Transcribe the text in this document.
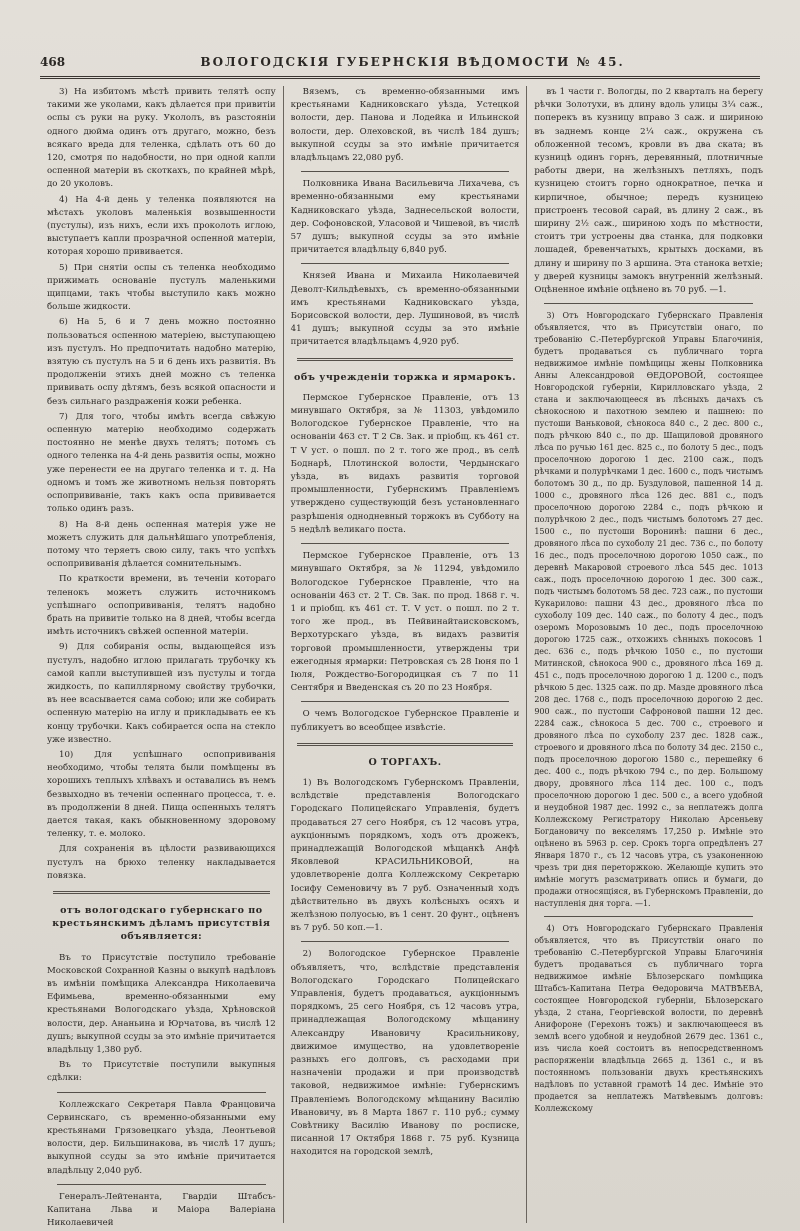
468	ВОЛОГОДСКІЯ ГУБЕРНСКІЯ ВѢДОМОСТИ № 45.

3) На избитомъ мѣстѣ привить телятѣ оспу такими же уколами, какъ дѣлается при привитіи оспы съ руки на руку. Укололъ, въ разстояніи одного дюйма одинъ отъ другаго, можно, безъ всякаго вреда для теленка, сдѣлать отъ 60 до 120, смотря по надобности, но при одной капли оспенной матеріи въ скоткахъ, по крайней мѣрѣ, до 20 уколовъ.

4) На 4-й день у теленка появляются на мѣстахъ уколовъ маленькія возвышенности (пустулы), изъ нихъ, если ихъ проколоть иглою, выступаетъ капли прозрачной оспенной матеріи, которая хорошо прививается.

5) При снятіи оспы съ теленка необходимо прижимать основаніе пустулъ маленькими щипцами, такъ чтобы выступило какъ можно больше жидкости.

6) На 5, 6 и 7 день можно постоянно пользоваться оспенною матеріею, выступающею изъ пустулъ. Но предпочитать надобно матерію, взятую съ пустулъ на 5 и 6 день ихъ развитія. Въ продолженіи этихъ дней можно съ теленка прививать оспу дѣтямъ, безъ всякой опасности и безъ сильнаго раздраженія кожи ребенка.

7) Для того, чтобы имѣть всегда свѣжую оспенную матерію необходимо содержать постоянно не менѣе двухъ телятъ; потомъ съ одного теленка на 4-й день развитія оспы, можно уже перенести ее на другаго теленка и т. д. На одномъ и томъ же животномъ нельзя повторять оспопрививаніе, такъ какъ оспа прививается только одинъ разъ.

8) На 8-й день оспенная матерія уже не можетъ служить для дальнѣйшаго употребленія, потому что теряетъ свою силу, такъ что успѣхъ оспопрививанія дѣлается сомнительнымъ.

По краткости времени, въ теченіи котораго теленокъ можетъ служить источникомъ успѣшнаго оспопрививанія, телятъ надобно брать на привитіе только на 8 дней, чтобы всегда имѣть источникъ свѣжей оспенной матеріи.

9) Для собиранія оспы, выдающейся изъ пустулъ, надобно иглою прилагать трубочку къ самой капли выступившей изъ пустулы и тогда жидкость, по капиллярному свойству трубочки, въ нее всасывается сама собою; или же собирать оспенную матерію на иглу и прикладывать ее къ концу трубочки. Какъ собирается оспа на стекло уже известно.

10) Для успѣшнаго оспопрививанія необходимо, чтобы телята были помѣщены въ хорошихъ теплыхъ хлѣвахъ и оставались въ немъ безвыходно въ теченіи оспеннаго процесса, т. е. въ продолженіи 8 дней. Пища оспенныхъ телятъ дается такая, какъ обыкновенному здоровому теленку, т. е. молоко.

Для сохраненія въ цѣлости развивающихся пустулъ на брюхо теленку накладывается повязка.

отъ вологодскаго губернскаго по крестьянскимъ дѣламъ присутствія объявляется:

Въ то Присутствіе поступило требованіе Московской Сохранной Казны о выкупѣ надѣловъ въ имѣніи помѣщика Александра Николаевича Ефимьева, временно-обязанными ему крестьянами Вологодскаго уѣзда, Хрѣновской волости, дер. Ананьина и Юрчатова, въ числѣ 12 душъ; выкупной ссуды за это имѣніе причитается владѣльцу 1,380 руб.

Въ то Присутствіе поступили выкупныя сдѣлки:

Коллежскаго Секретаря Павла Францовича Сервинскаго, съ временно-обязанными ему крестьянами Грязовецкаго уѣзда, Леонтьевой волости, дер. Бильшинакова, въ числѣ 17 душъ; выкупной ссуды за это имѣніе причитается владѣльцу 2,040 руб.

Генералъ-Лейтенанта, Гвардіи Штабсъ-Капитана Льва и Маіора Валеріана Николаевичей

Вяземъ, съ временно-обязанными имъ крестьянами Кадниковскаго уѣзда, Устецкой волости, дер. Панова и Лодейка и Ильинской волости, дер. Олеховской, въ числѣ 184 душъ; выкупной ссуды за это имѣніе причитается владѣльцамъ 22,080 руб.

Полковника Ивана Васильевича Лихачева, съ временно-обязанными ему крестьянами Кадниковскаго уѣзда, Заднесельской волости, дер. Софоновской, Уласовой и Чишевой, въ числѣ 57 душъ; выкупной ссуды за это имѣніе причитается владѣльцу 6,840 руб.

Князей Ивана и Михаила Николаевичей Деволт-Кильдѣевыхъ, съ временно-обязанными имъ крестьянами Кадниковскаго уѣзда, Борисовской волости, дер. Лушиновой, въ числѣ 41 душъ; выкупной ссуды за это имѣніе причитается владѣльцамъ 4,920 руб.

объ учрежденіи торжка и ярмарокъ.

Пермское Губернское Правленіе, отъ 13 минувшаго Октября, за № 11303, увѣдомило Вологодское Губернское Правленіе, что на основаніи 463 ст. Т 2 Св. Зак. и пріобщ. къ 461 ст. Т V уст. о пошл. по 2 т. того же прод., въ селѣ Боднарѣ, Плотинской волости, Чердынскаго уѣзда, въ видахъ развитія торговой промышленности, Губернскимъ Правленіемъ утверждено существующій безъ установленнаго разрѣшенія однодневный торжокъ въ Субботу на 5 недѣлѣ великаго поста.

Пермское Губернское Правленіе, отъ 13 минувшаго Октября, за № 11294, увѣдомило Вологодское Губернское Правленіе, что на основаніи 463 ст. 2 Т. Св. Зак. по прод. 1868 г. ч. 1 и пріобщ. къ 461 ст. Т. V уст. о пошл. по 2 т. того же прод., въ Пейвинайтаисковскомъ, Верхотурскаго уѣзда, въ видахъ развитія торговой промышленности, утверждены три ежегодныя ярмарки: Петровская съ 28 Іюня по 1 Іюля, Рождество-Богородицкая съ 7 по 11 Сентября и Введенская съ 20 по 23 Ноября.

О чемъ Вологодское Губернское Правленіе и публикуетъ во всеобщее извѣстіе.

О ТОРГАХЪ.

1) Въ Вологодскомъ Губернскомъ Правленіи, вслѣдствіе представленія Вологодскаго Городскаго Полицейскаго Управленія, будетъ продаваться 27 сего Ноября, съ 12 часовъ утра, аукціоннымъ порядкомъ, ходъ отъ дрожекъ, принадлежащій Вологодской мѣщанкѣ Анфѣ Яковлевой КРАСИЛЬНИКОВОЙ, на удовлетвореніе долга Коллежскому Секретарю Іосифу Семеновичу въ 7 руб. Означенный ходъ дѣйствительно въ двухъ колѣсныхъ осяхъ и желѣзною полуосью, въ 1 сент. 20 фунт., оцѣненъ въ 7 руб. 50 коп.—1.

2) Вологодское Губернское Правленіе объявляетъ, что, вслѣдствіе представленія Вологодскаго Городскаго Полицейскаго Управленія, будетъ продаваться, аукціоннымъ порядкомъ, 25 сего Ноября, съ 12 часовъ утра, принадлежащая Вологодскому мѣщанину Александру Ивановичу Красильникову, движимое имущество, на удовлетвореніе разныхъ его долговъ, съ расходами при назначеніи продажи и при производствѣ таковой, недвижимое имѣніе: Губернскимъ Правленіемъ Вологодскому мѣщанину Василію Ивановичу, въ 8 Марта 1867 г. 110 руб.; сумму Совѣтнику Василію Иванову по росписке, писанной 17 Октября 1868 г. 75 руб. Кузница находится на городской землѣ,

въ 1 части г. Вологды, по 2 кварталъ на берегу рѣчки Золотухи, въ длину вдоль улицы 3¼ саж., поперекъ въ кузницу вправо 3 саж. и шириною въ заднемъ конце 2¼ саж., окружена съ обложенной тесомъ, кровли въ два ската; въ кузницѣ одинъ горнъ, деревянный, плотничные работы двери, на желѣзныхъ петляхъ, подъ кузницею стоитъ горно однократное, печка и кирпичное, обычное; передъ кузницею пристроенъ тесовой сарай, въ длину 2 саж., въ ширину 2½ саж., шириною ходъ по мѣстности, стоитъ три устроены два станка, для подковки лошадей, бревенчатыхъ, крытыхъ досками, въ длину и ширину по 3 аршина. Эта станока ветхіе; у дверей кузницы замокъ внутренній желѣзный. Оцѣненное имѣніе оцѣнено въ 70 руб. —1.

3) Отъ Новгородскаго Губернскаго Правленія объявляется, что въ Присутствіи онаго, по требованію С.-Петербургской Управы Благочинія, будетъ продаваться съ публичнаго торга недвижимое имѣніе помѣщицы жены Полковника Анны Александровой ѲЕДОРОВОЙ, состоящее Новгородской губерніи, Кирилловскаго уѣзда, 2 стана и заключающееся въ лѣсныхъ дачахъ съ сѣнокосною и пахотною землею и пашнею: по пустоши Ваньковой, сѣнокоса 840 с., 2 дес. 800 с., подъ рѣчкою 840 с., по др. Шащиловой дровяного лѣса по ручью 161 дес. 825 с., по болоту 5 дес., подъ проселочною дорогою 1 дес. 2100 саж., подъ рѣчками и полурѣчками 1 дес. 1600 с., подъ чистымъ болотомъ 30 д., по др. Буздуловой, пашенной 14 д. 1000 с., дровяного лѣса 126 дес. 881 с., подъ проселочною дорогою 2284 с., подъ рѣчкою и полурѣчкою 2 дес., подъ чистымъ болотомъ 27 дес. 1500 с., по пустоши Воронинѣ: пашни 6 дес., дровяного лѣса по сухоболу 21 дес. 736 с., по болоту 16 дес., подъ проселочною дорогою 1050 саж., по деревнѣ Макаровой строевого лѣса 545 дес. 1013 саж., подъ проселочною дорогою 1 дес. 300 саж., подъ чистымъ болотомъ 58 дес. 723 саж., по пустоши Кукарилово: пашни 43 дес., дровяного лѣса по сухоболу 109 дес. 140 саж., по болоту 4 дес., подъ озеромъ Морозовымъ 10 дес., подъ проселочною дорогою 1725 саж., отхожихъ сѣнныхъ покосовъ 1 дес. 636 с., подъ рѣчкою 1050 с., по пустоши Митинской, сѣнокоса 900 с., дровяного лѣса 169 д. 451 с., подъ проселочною дорогою 1 д. 1200 с., подъ рѣчкою 5 дес. 1325 саж. по др. Мазде дровяного лѣса 208 дес. 1768 с., подъ проселочною дорогою 2 дес. 900 саж., по пустоши Сафроновой пашни 12 дес. 2284 саж., сѣнокоса 5 дес. 700 с., строевого и дровяного лѣса по сухоболу 237 дес. 1828 саж., строевого и дровяного лѣса по болоту 34 дес. 2150 с., подъ проселочною дорогою 1580 с., перешейку 6 дес. 400 с., подъ рѣчкою 794 с., по дер. Большому двору, дровяного лѣса 114 дес. 100 с., подъ проселочною дорогою 1 дес. 500 с., а всего удобной и неудобной 1987 дес. 1992 с., за неплатежъ долга Коллежскому Регистратору Николаю Арсеньеву Богдановичу по векселямъ 17,250 р. Имѣніе это оцѣнено въ 5963 р. сер. Срокъ торга опредѣленъ 27 Января 1870 г., съ 12 часовъ утра, съ узаконенною чрезъ три дня переторжкою. Желающіе купить это имѣніе могутъ разсматривать опись и бумаги, до продажи относящіяся, въ Губернскомъ Правленіи, до наступленія дня торга. —1.

4) Отъ Новгородскаго Губернскаго Правленія объявляется, что въ Присутствіи онаго по требованію С.-Петербургской Управы Благочинія будетъ продаваться съ публичнаго торга недвижимое имѣніе Бѣлозерскаго помѣщика Штабсъ-Капитана Петра Ѳедоровича МАТВѢЕВА, состоящее Новгородской губерніи, Бѣлозерскаго уѣзда, 2 стана, Георгіевской волости, по деревнѣ Анифороне (Герехонъ тожъ) и заключающееся въ землѣ всего удобной и неудобной 2679 дес. 1361 с., изъ числа коей состоитъ въ непосредственномъ распоряженіи владѣльца 2665 д. 1361 с., и въ постоянномъ пользованіи двухъ крестьянскихъ надѣловъ по уставной грамотѣ 14 дес. Имѣніе это продается за неплатежъ Матвѣевымъ долговъ: Коллежскому
